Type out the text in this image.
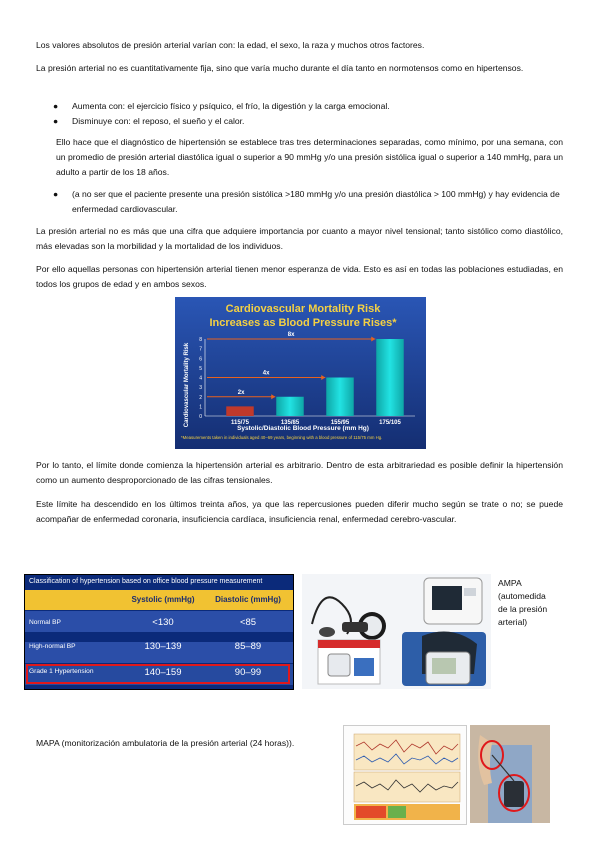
Los valores absolutos de presión arterial varían con: la edad, el sexo, la raza y muchos otros factores.
La presión arterial no es cuantitativamente fija, sino que varía mucho durante el día tanto en normotensos como en hipertensos.
● Aumenta con: el ejercicio físico y psíquico, el frío, la digestión y la carga emocional.
● Disminuye con: el reposo, el sueño y el calor.
Ello hace que el diagnóstico de hipertensión se establece tras tres determinaciones separadas, como mínimo, por una semana, con un promedio de presión arterial diastólica igual o superior a 90 mmHg y/o una presión sistólica igual o superior a 140 mmHg, para un adulto a partir de los 18 años.
● (a no ser que el paciente presente una presión sistólica >180 mmHg y/o una presión diastólica > 100 mmHg) y hay evidencia de enfermedad cardiovascular.
La presión arterial no es más que una cifra que adquiere importancia por cuanto a mayor nivel tensional; tanto sistólico como diastólico, más elevadas son la morbilidad y la mortalidad de los individuos.
Por ello aquellas personas con hipertensión arterial tienen menor esperanza de vida. Esto es así en todas las poblaciones estudiadas, en todos los grupos de edad y en ambos sexos.
Cardiovascular Mortality Risk
Increases as Blood Pressure Rises*
Cardiovascular Mortality Risk 0
1
2
3
4
5
6
7
8
2x
4x
8x
115/75	135/85	155/95	175/105
Systolic/Diastolic Blood Pressure (mm Hg)
*Measurements taken in individuals aged 40–69 years, beginning with a blood pressure of 115/75 mm Hg.
Por lo tanto, el límite donde comienza la hipertensión arterial es arbitrario. Dentro de esta arbitrariedad es posible definir la hipertensión como un aumento desproporcionado de las cifras tensionales.
Este límite ha descendido en los últimos treinta años, ya que las repercusiones pueden diferir mucho según se trate o no; se puede acompañar de enfermedad coronaria, insuficiencia cardíaca, insuficiencia renal, enfermedad cerebro-vascular.
Classification of hypertension based on office blood pressure measurement
Systolic (mmHg)	Diastolic (mmHg)
Normal BP	<130	<85
High-normal BP	130–139	85–89
Grade 1 Hypertension	140–159	90–99
Grade 2 Hypertension	≥ 160	≥100
AMPA
(automedida
de la presión
arterial)
MAPA (monitorización ambulatoria de la presión arterial (24 horas)).
